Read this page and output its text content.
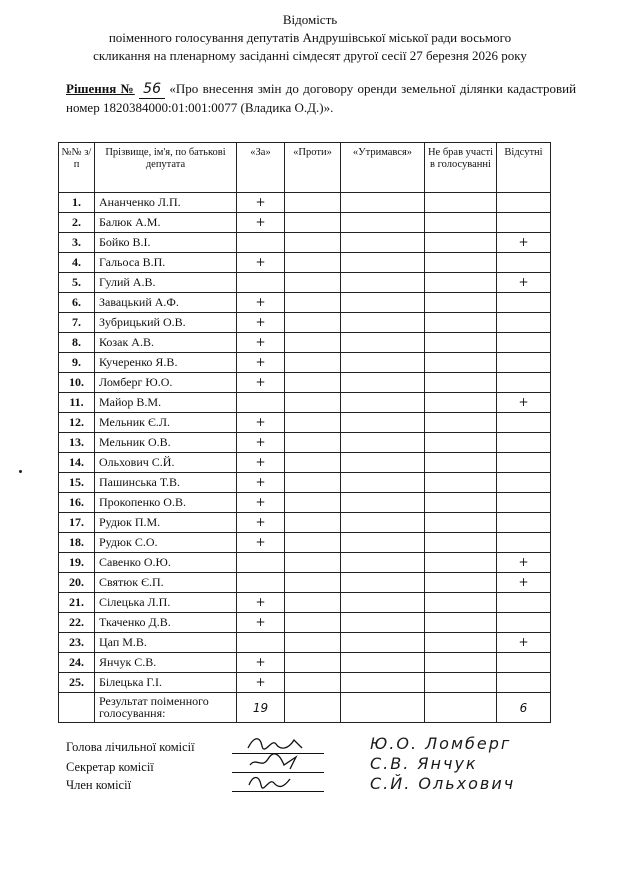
Відомість
поіменного голосування депутатів Андрушівської міської ради восьмого
скликання на пленарному засіданні сімдесят другої сесії 27 березня 2026 року
Рішення № 56 «Про внесення змін до договору оренди земельної ділянки кадастровий номер 1820384000:01:001:0077 (Владика О.Д.)».
№№ з/п	Прізвище, ім'я, по батькові депутата	«За»	«Проти»	«Утримався»	Не брав участі в голосуванні	Відсутні
1.	Ананченко Л.П.	+				
2.	Балюк А.М.	+				
3.	Бойко В.І.					+
4.	Гальоса В.П.	+				
5.	Гулий А.В.					+
6.	Завацький А.Ф.	+				
7.	Зубрицький О.В.	+				
8.	Козак А.В.	+				
9.	Кучеренко Я.В.	+				
10.	Ломберг Ю.О.	+				
11.	Майор В.М.					+
12.	Мельник Є.Л.	+				
13.	Мельник О.В.	+				
14.	Ольхович С.Й.	+				
15.	Пашинська Т.В.	+				
16.	Прокопенко О.В.	+				
17.	Рудюк П.М.	+				
18.	Рудюк С.О.	+				
19.	Савенко О.Ю.					+
20.	Святюк Є.П.					+
21.	Сілецька Л.П.	+				
22.	Ткаченко Д.В.	+				
23.	Цап М.В.					+
24.	Янчук С.В.	+				
25.	Білецька Г.І.	+				
	Результат поіменного голосування:	19				6
Голова лічильної комісії
Секретар комісії
Член комісії
Ю.О. Ломберг
С.В. Янчук
С.Й. Ольхович
